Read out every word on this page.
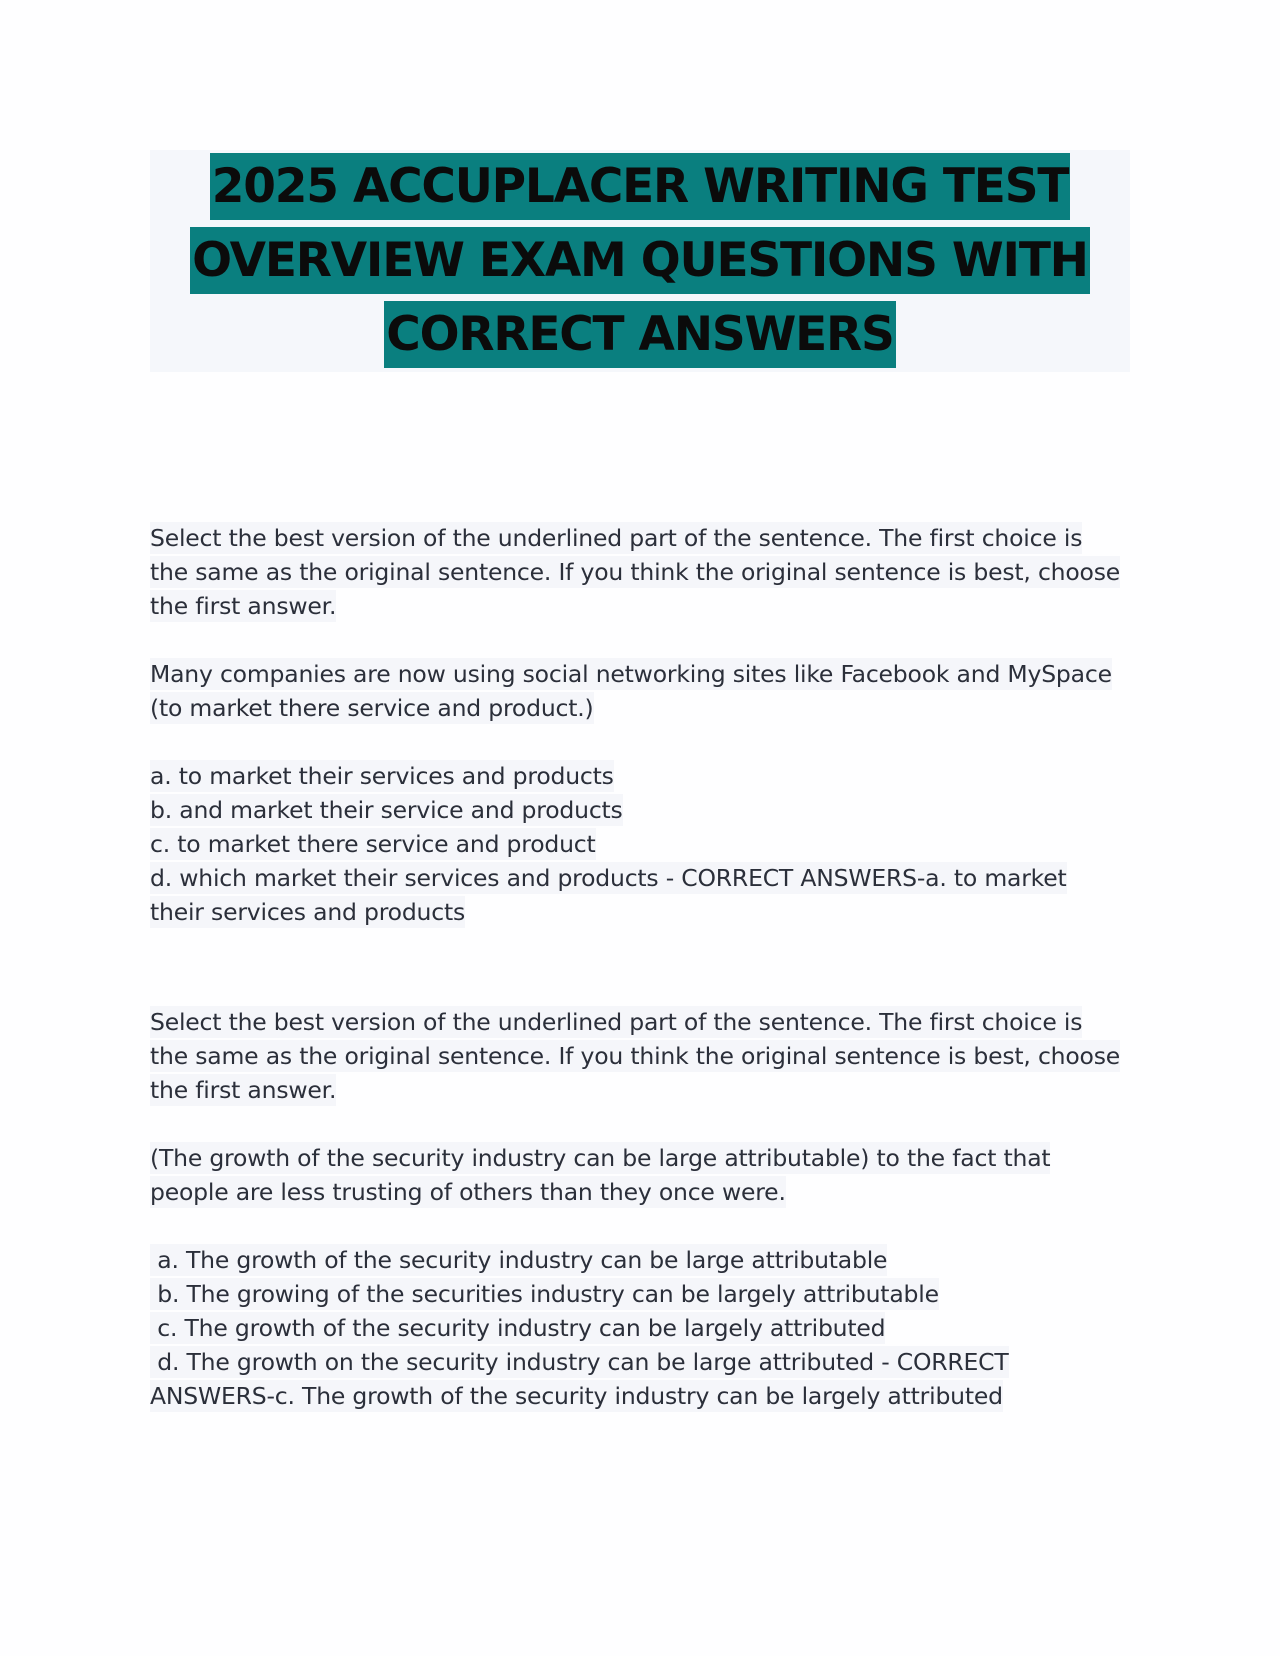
2025 ACCUPLACER WRITING TEST
OVERVIEW EXAM QUESTIONS WITH
CORRECT ANSWERS
Select the best version of the underlined part of the sentence. The first choice is
the same as the original sentence. If you think the original sentence is best, choose
the first answer.
Many companies are now using social networking sites like Facebook and MySpace
(to market there service and product.)
a. to market their services and products
b. and market their service and products
c. to market there service and product
d. which market their services and products - CORRECT ANSWERS-a. to market
their services and products
Select the best version of the underlined part of the sentence. The first choice is
the same as the original sentence. If you think the original sentence is best, choose
the first answer.
(The growth of the security industry can be large attributable) to the fact that
people are less trusting of others than they once were.
a. The growth of the security industry can be large attributable
b. The growing of the securities industry can be largely attributable
c. The growth of the security industry can be largely attributed
d. The growth on the security industry can be large attributed - CORRECT
ANSWERS-c. The growth of the security industry can be largely attributed
